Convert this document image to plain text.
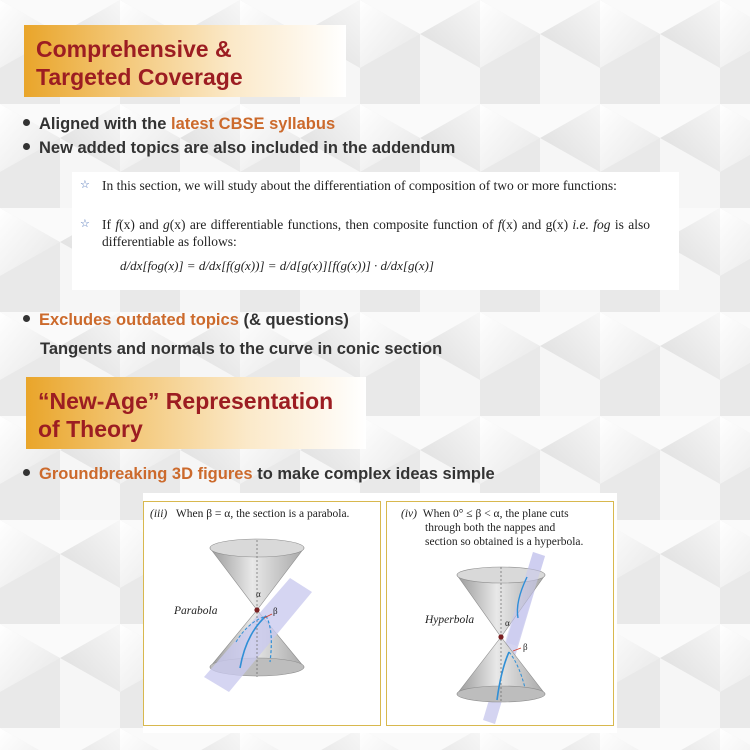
Comprehensive &
Targeted Coverage
Aligned with the latest CBSE syllabus
New added topics are also included in the addendum
☆ In this section, we will study about the differentiation of composition of two or more functions:
☆ If f(x) and g(x) are differentiable functions, then composite function of f(x) and g(x) i.e. fog is also differentiable as follows:
d/dx[fog(x)] = d/dx[f(g(x))] = d/d[g(x)][f(g(x))] · d/dx[g(x)]
Excludes outdated topics (& questions)
Tangents and normals to the curve in conic section
“New-Age” Representation
of Theory
Groundbreaking 3D figures to make complex ideas simple
(iii) When β = α, the section is a parabola.
Parabola
α
β
(iv) When 0° ≤ β < α, the plane cuts
through both the nappes and
section so obtained is a hyperbola.
Hyperbola	α
β
